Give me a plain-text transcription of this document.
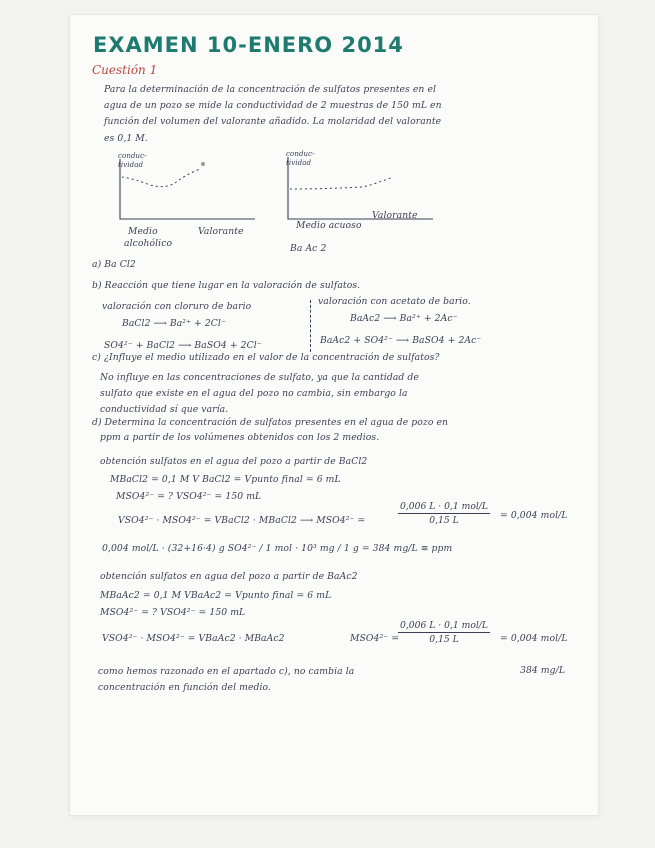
EXAMEN 10-ENERO 2014
Cuestión 1
Para la determinación de la concentración de sulfatos presentes en el
agua de un pozo se mide la conductividad de 2 muestras de 150 mL en
función del volumen del valorante añadido. La molaridad del valorante
es 0,1 M.
conduc-
tividad
Valorante
Medio
alcohólico
conduc-
tividad
Valorante
Medio acuoso
Ba Ac 2
a) Ba Cl2
b) Reacción que tiene lugar en la valoración de sulfatos.
valoración con cloruro de bario
BaCl2 ⟶ Ba²⁺ + 2Cl⁻
SO4²⁻ + BaCl2 ⟶ BaSO4 + 2Cl⁻
valoración con acetato de bario.
BaAc2 ⟶ Ba²⁺ + 2Ac⁻
BaAc2 + SO4²⁻ ⟶ BaSO4 + 2Ac⁻
c) ¿Influye el medio utilizado en el valor de la concentración de sulfatos?
No influye en las concentraciones de sulfato, ya que la cantidad de
sulfato que existe en el agua del pozo no cambia, sin embargo la
conductividad sí que varía.
d) Determina la concentración de sulfatos presentes en el agua de pozo en
ppm a partir de los volúmenes obtenidos con los 2 medios.
obtención sulfatos en el agua del pozo a partir de BaCl2
MBaCl2 = 0,1 M V BaCl2 = Vpunto final = 6 mL
MSO4²⁻ = ? VSO4²⁻ = 150 mL
VSO4²⁻ · MSO4²⁻ = VBaCl2 · MBaCl2 ⟶ MSO4²⁻ =
0,006 L · 0,1 mol/L
0,15 L	= 0,004 mol/L
0,004 mol/L · (32+16·4) g SO4²⁻ / 1 mol · 10³ mg / 1 g = 384 mg/L ≡ ppm
obtención sulfatos en agua del pozo a partir de BaAc2
MBaAc2 = 0,1 M VBaAc2 = Vpunto final = 6 mL
MSO4²⁻ = ? VSO4²⁻ = 150 mL
VSO4²⁻ · MSO4²⁻ = VBaAc2 · MBaAc2	MSO4²⁻ =
0,006 L · 0,1 mol/L
0,15 L	= 0,004 mol/L
384 mg/L
como hemos razonado en el apartado c), no cambia la
concentración en función del medio.
